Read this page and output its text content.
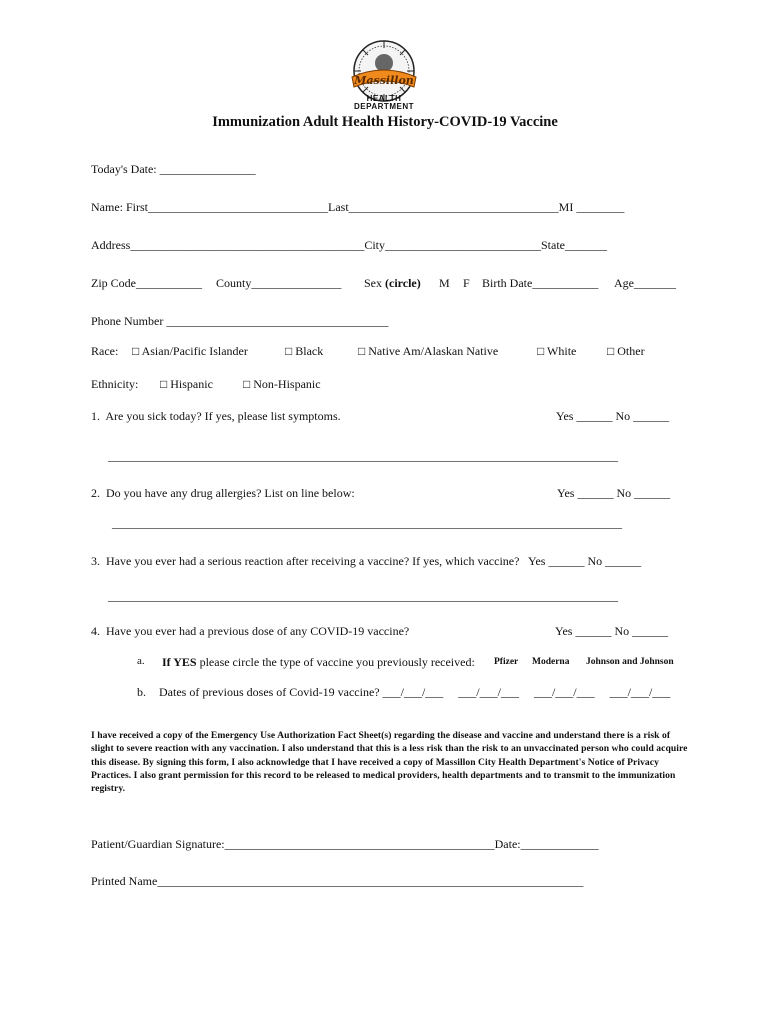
Massillon
HEALTH
DEPARTMENT
Immunization Adult Health History-COVID-19 Vaccine
Today's Date: ________________
Name: First______________________________Last___________________________________MI ________
Address_______________________________________City__________________________State_______
Zip Code___________ County_______________ Sex (circle) M F Birth Date___________ Age_______
Phone Number _____________________________________
Race: □ Asian/Pacific Islander	□ Black	□ Native Am/Alaskan Native	□ White	□ Other
Ethnicity: □ Hispanic	□ Non-Hispanic
1.  Are you sick today? If yes, please list symptoms.	Yes ______ No ______
_____________________________________________________________________________________
2.  Do you have any drug allergies? List on line below:	Yes ______ No ______
_____________________________________________________________________________________
3.  Have you ever had a serious reaction after receiving a vaccine? If yes, which vaccine?   Yes ______ No ______
_____________________________________________________________________________________
4.  Have you ever had a previous dose of any COVID-19 vaccine?	Yes ______ No ______
a. If YES please circle the type of vaccine you previously received: Pfizer Moderna Johnson and Johnson
b. Dates of previous doses of Covid-19 vaccine? ___/___/___     ___/___/___     ___/___/___     ___/___/___
I have received a copy of the Emergency Use Authorization Fact Sheet(s) regarding the disease and vaccine and understand there is a risk of slight to severe reaction with any vaccination. I also understand that this is a less risk than the risk to an unvaccinated person who could acquire this disease. By signing this form, I also acknowledge that I have received a copy of Massillon City Health Department's Notice of Privacy Practices. I also grant permission for this record to be released to medical providers, health departments and to transmit to the immunization registry.
Patient/Guardian Signature:_____________________________________________Date:_____________
Printed Name_______________________________________________________________________
